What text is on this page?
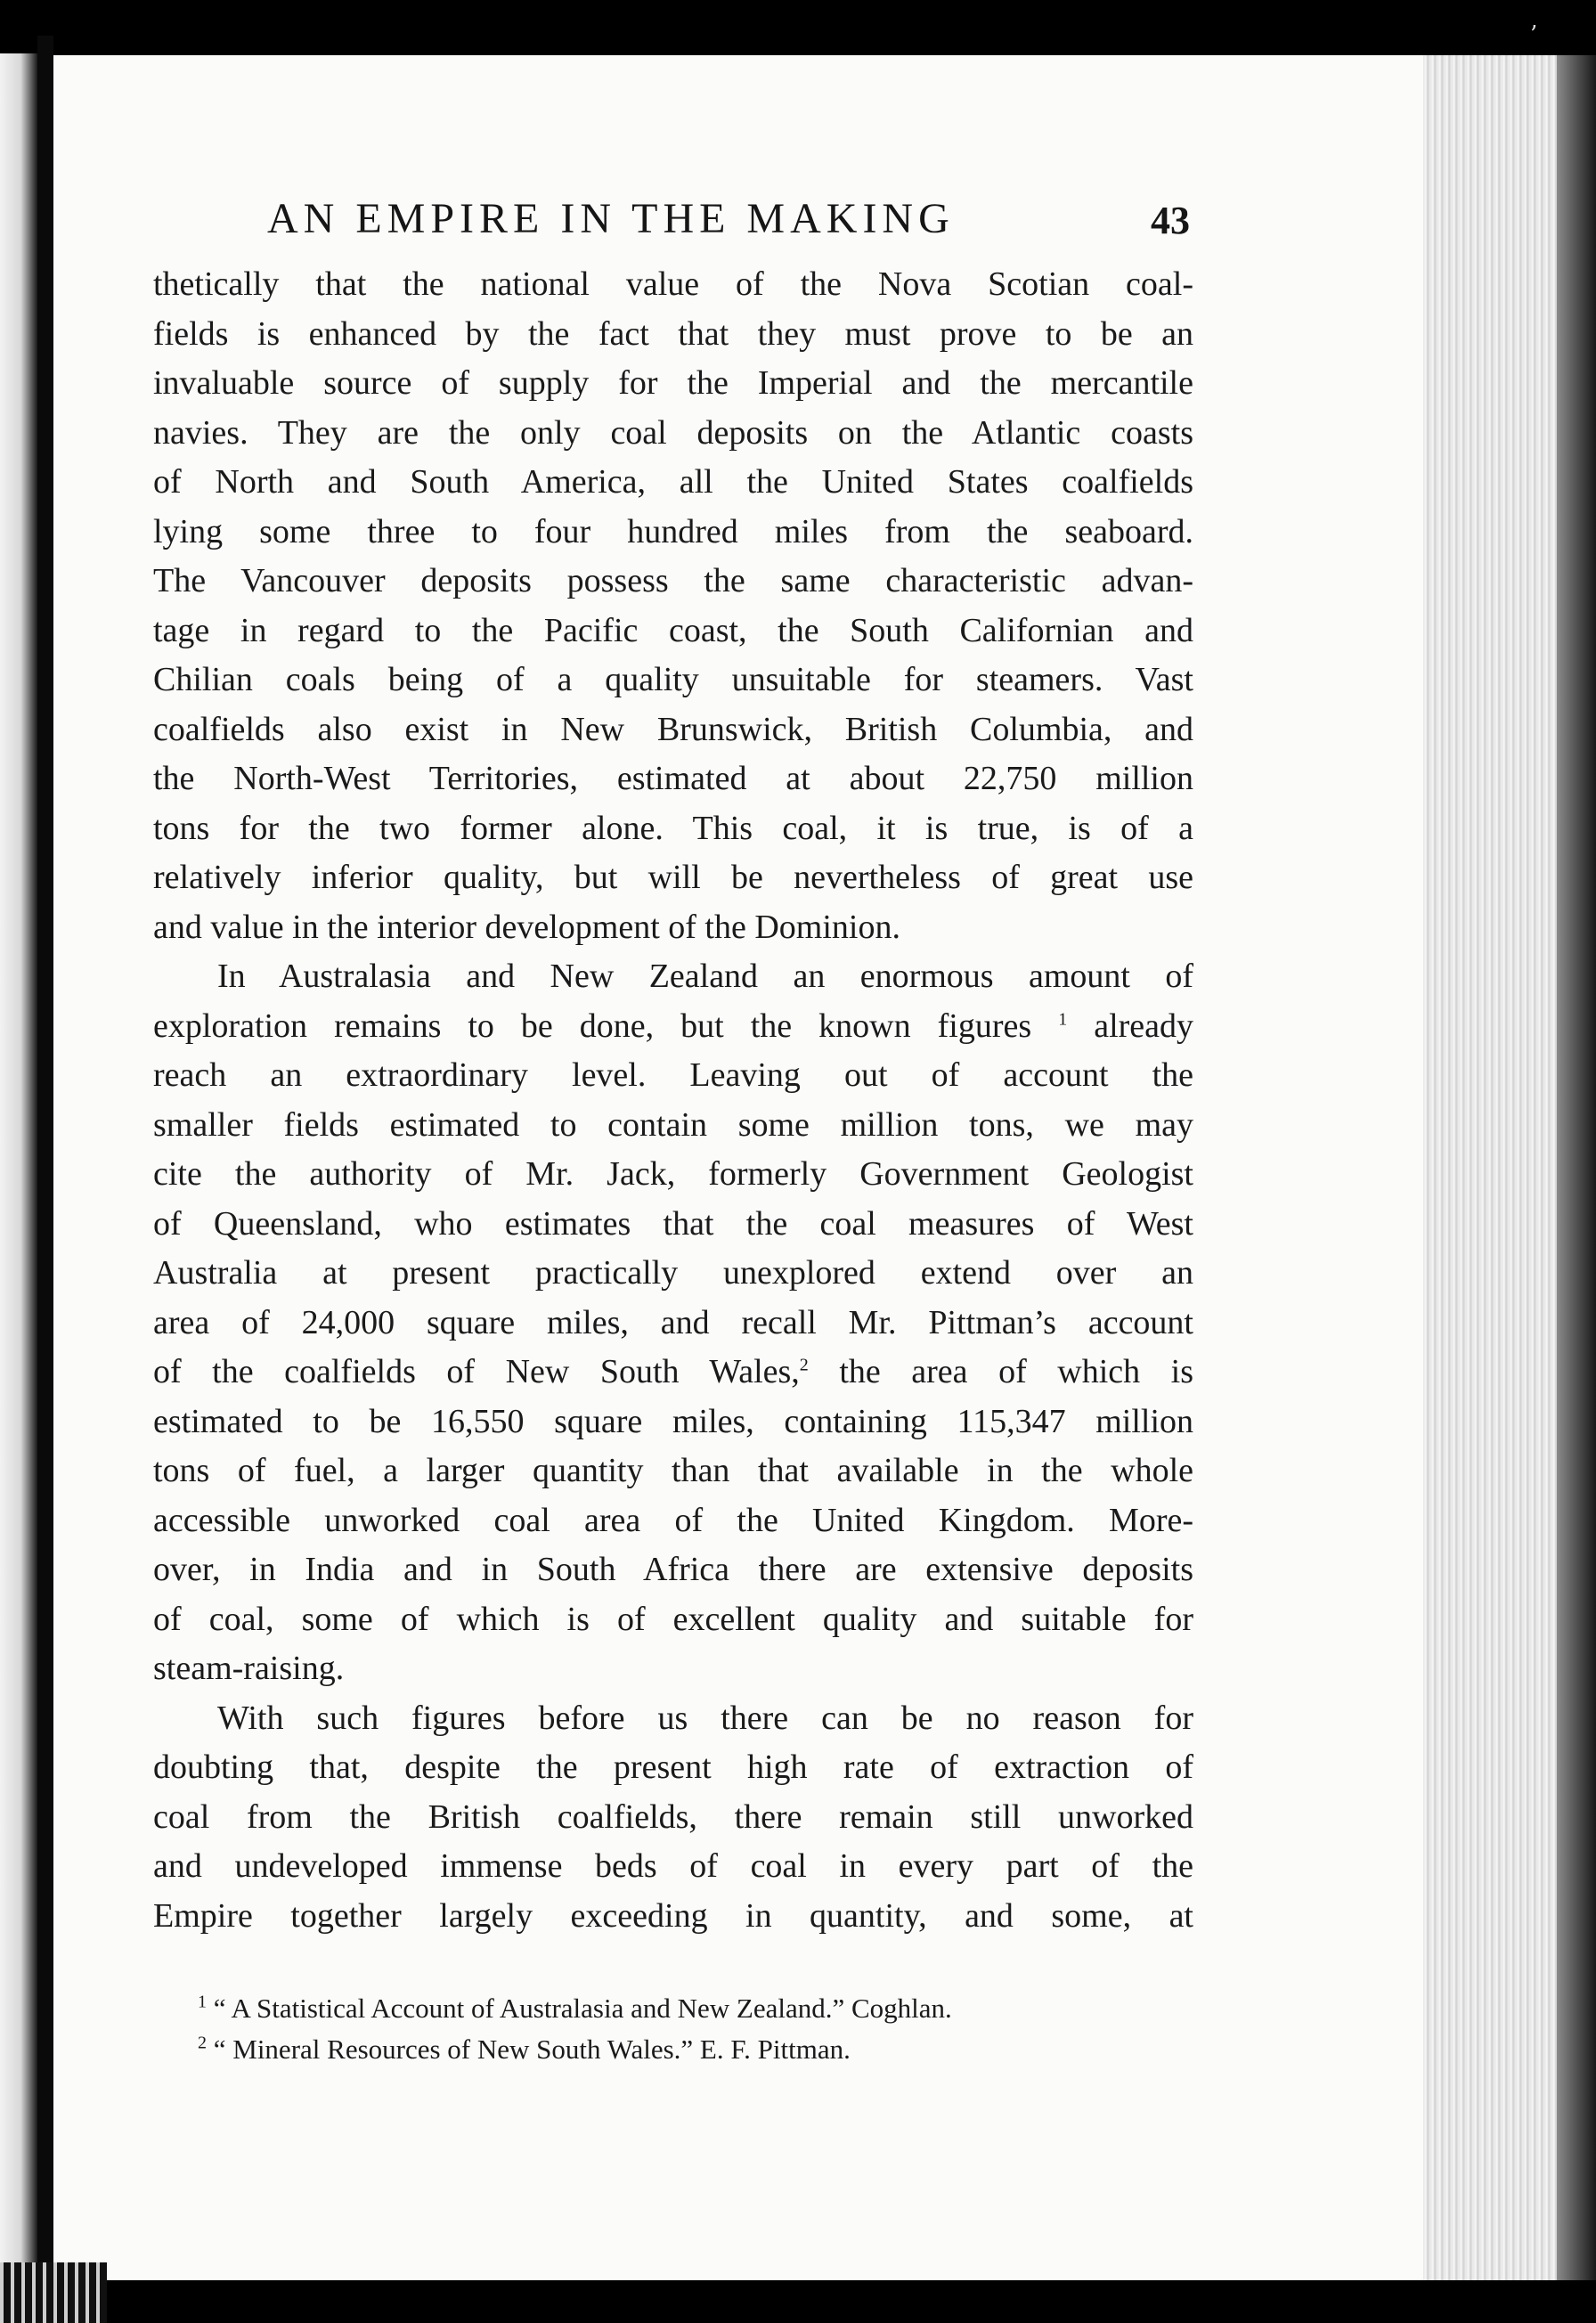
’
AN EMPIRE IN THE MAKING	43
thetically that the national value of the Nova Scotian coal-
fields is enhanced by the fact that they must prove to be an
invaluable source of supply for the Imperial and the mercantile
navies. They are the only coal deposits on the Atlantic coasts
of North and South America, all the United States coalfields
lying some three to four hundred miles from the seaboard.
The Vancouver deposits possess the same characteristic advan-
tage in regard to the Pacific coast, the South Californian and
Chilian coals being of a quality unsuitable for steamers. Vast
coalfields also exist in New Brunswick, British Columbia, and
the North-West Territories, estimated at about 22,750 million
tons for the two former alone. This coal, it is true, is of a
relatively inferior quality, but will be nevertheless of great use
and value in the interior development of the Dominion.
In Australasia and New Zealand an enormous amount of
exploration remains to be done, but the known figures $^1$ already
reach an extraordinary level. Leaving out of account the
smaller fields estimated to contain some million tons, we may
cite the authority of Mr. Jack, formerly Government Geologist
of Queensland, who estimates that the coal measures of West
Australia at present practically unexplored extend over an
area of 24,000 square miles, and recall Mr. Pittman’s account
of the coalfields of New South Wales,$^2$ the area of which is
estimated to be 16,550 square miles, containing 115,347 million
tons of fuel, a larger quantity than that available in the whole
accessible unworked coal area of the United Kingdom. More-
over, in India and in South Africa there are extensive deposits
of coal, some of which is of excellent quality and suitable for
steam-raising.
With such figures before us there can be no reason for
doubting that, despite the present high rate of extraction of
coal from the British coalfields, there remain still unworked
and undeveloped immense beds of coal in every part of the
Empire together largely exceeding in quantity, and some, at
$^1$ “ A Statistical Account of Australasia and New Zealand.” Coghlan.
$^2$ “ Mineral Resources of New South Wales.” E. F. Pittman.
